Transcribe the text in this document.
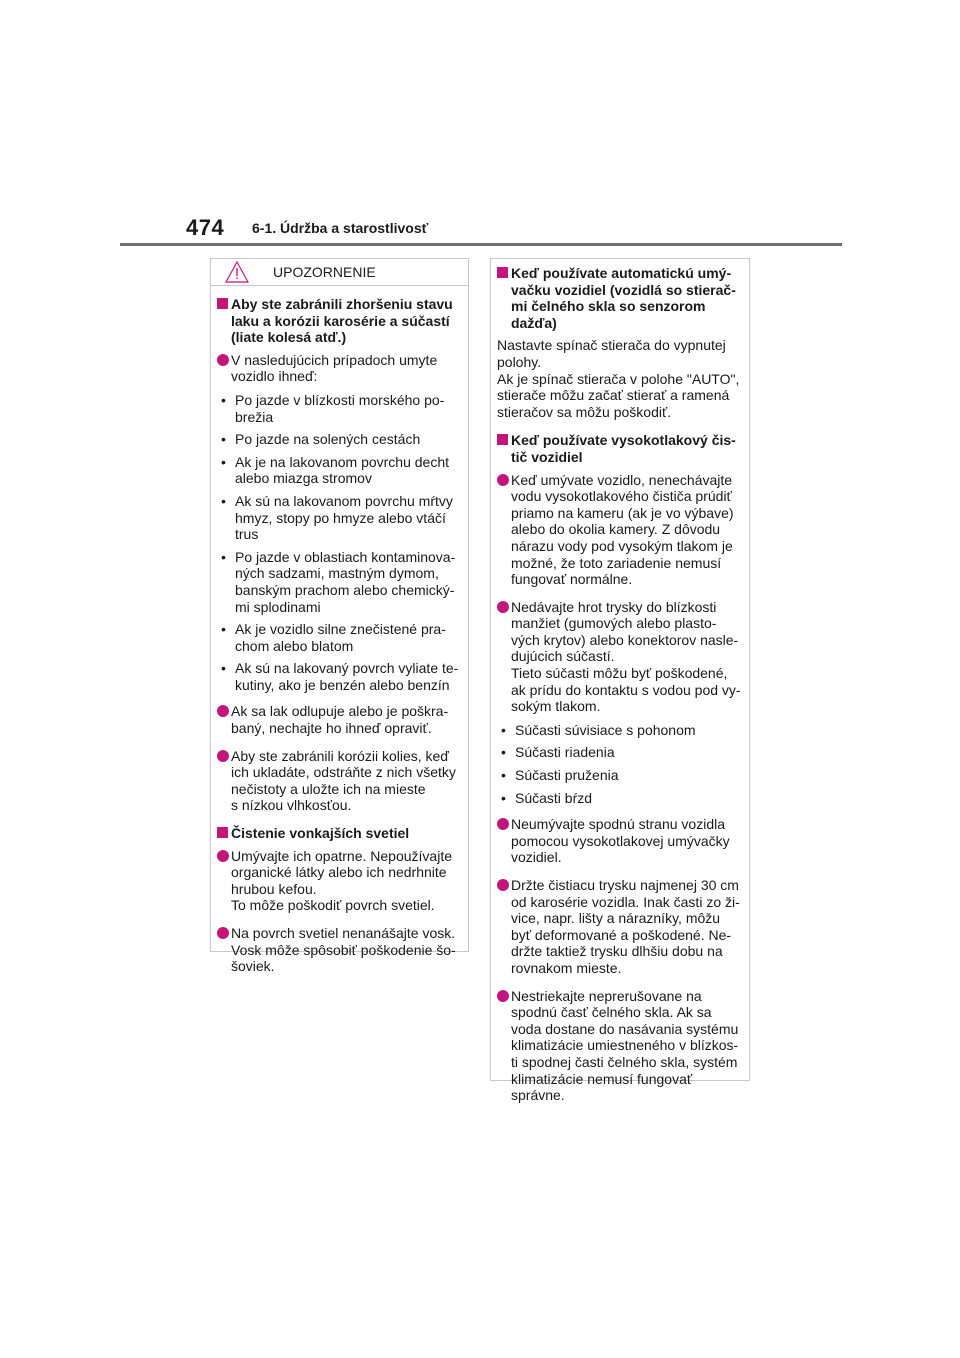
474 6-1. Údržba a starostlivosť
UPOZORNENIE
Aby ste zabránili zhoršeniu stavu
laku a korózii karosérie a súčastí
(liate kolesá atď.)
V nasledujúcich prípadoch umyte
vozidlo ihneď:
• Po jazde v blízkosti morského po-
brežia
• Po jazde na solených cestách
• Ak je na lakovanom povrchu decht
alebo miazga stromov
• Ak sú na lakovanom povrchu mŕtvy
hmyz, stopy po hmyze alebo vtáčí
trus
• Po jazde v oblastiach kontaminova-
ných sadzami, mastným dymom,
banským prachom alebo chemický-
mi splodinami
• Ak je vozidlo silne znečistené pra-
chom alebo blatom
• Ak sú na lakovaný povrch vyliate te-
kutiny, ako je benzén alebo benzín
Ak sa lak odlupuje alebo je poškra-
baný, nechajte ho ihneď opraviť.
Aby ste zabránili korózii kolies, keď
ich ukladáte, odstráňte z nich všetky
nečistoty a uložte ich na mieste
s nízkou vlhkosťou.
Čistenie vonkajších svetiel
Umývajte ich opatrne. Nepoužívajte
organické látky alebo ich nedrhnite
hrubou kefou.
To môže poškodiť povrch svetiel.
Na povrch svetiel nenanášajte vosk.
Vosk môže spôsobiť poškodenie šo-
šoviek.
Keď používate automatickú umý-
vačku vozidiel (vozidlá so stierač-
mi čelného skla so senzorom
dažďa)
Nastavte spínač stierača do vypnutej
polohy.
Ak je spínač stierača v polohe "AUTO",
stierače môžu začať stierať a ramená
stieračov sa môžu poškodiť.
Keď používate vysokotlakový čis-
tič vozidiel
Keď umývate vozidlo, nenechávajte
vodu vysokotlakového čističa prúdiť
priamo na kameru (ak je vo výbave)
alebo do okolia kamery. Z dôvodu
nárazu vody pod vysokým tlakom je
možné, že toto zariadenie nemusí
fungovať normálne.
Nedávajte hrot trysky do blízkosti
manžiet (gumových alebo plasto-
vých krytov) alebo konektorov nasle-
dujúcich súčastí.
Tieto súčasti môžu byť poškodené,
ak prídu do kontaktu s vodou pod vy-
sokým tlakom.
• Súčasti súvisiace s pohonom
• Súčasti riadenia
• Súčasti pruženia
• Súčasti bŕzd
Neumývajte spodnú stranu vozidla
pomocou vysokotlakovej umývačky
vozidiel.
Držte čistiacu trysku najmenej 30 cm
od karosérie vozidla. Inak časti zo ži-
vice, napr. lišty a nárazníky, môžu
byť deformované a poškodené. Ne-
držte taktiež trysku dlhšiu dobu na
rovnakom mieste.
Nestriekajte neprerušovane na
spodnú časť čelného skla. Ak sa
voda dostane do nasávania systému
klimatizácie umiestneného v blízkos-
ti spodnej časti čelného skla, systém
klimatizácie nemusí fungovať
správne.
